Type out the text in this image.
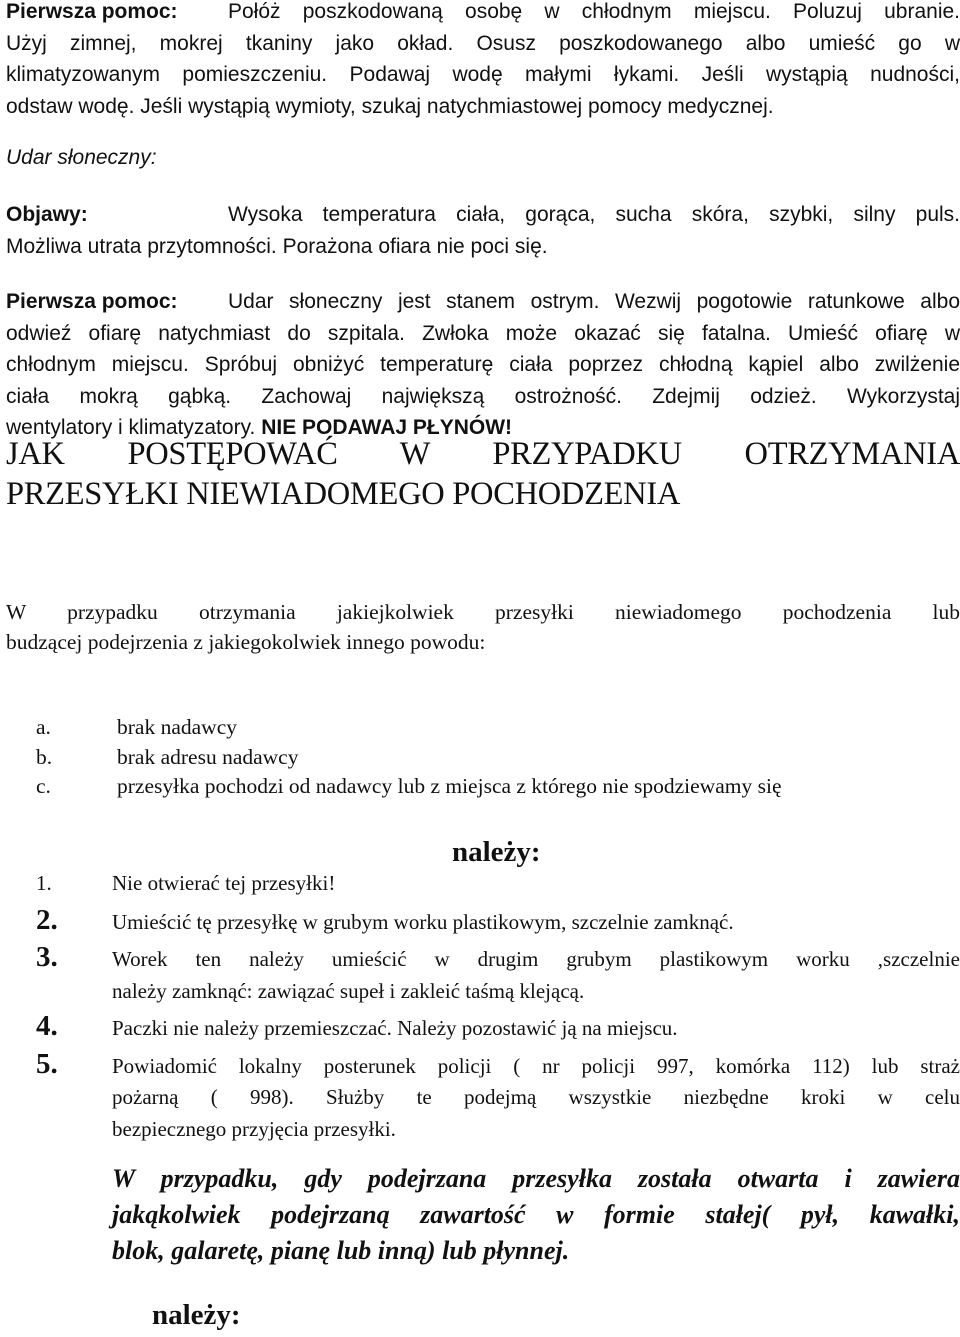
Pierwsza pomoc:	Połóż poszkodowaną osobę w chłodnym miejscu. Poluzuj ubranie.
Użyj zimnej, mokrej tkaniny jako okład. Osusz poszkodowanego albo umieść go w
klimatyzowanym pomieszczeniu. Podawaj wodę małymi łykami. Jeśli wystąpią nudności,
odstaw wodę. Jeśli wystąpią wymioty, szukaj natychmiastowej pomocy medycznej.
Udar słoneczny:
Objawy:	Wysoka temperatura ciała, gorąca, sucha skóra, szybki, silny puls.
Możliwa utrata przytomności. Porażona ofiara nie poci się.
Pierwsza pomoc:	Udar słoneczny jest stanem ostrym. Wezwij pogotowie ratunkowe albo
odwieź ofiarę natychmiast do szpitala. Zwłoka może okazać się fatalna. Umieść ofiarę w
chłodnym miejscu. Spróbuj obniżyć temperaturę ciała poprzez chłodną kąpiel albo zwilżenie
ciała mokrą gąbką. Zachowaj największą ostrożność. Zdejmij odzież. Wykorzystaj
wentylatory i klimatyzatory. NIE PODAWAJ PŁYNÓW!
JAK POSTĘPOWAĆ W PRZYPADKU OTRZYMANIA
PRZESYŁKI NIEWIADOMEGO POCHODZENIA
W przypadku otrzymania jakiejkolwiek przesyłki niewiadomego pochodzenia lub
budzącej podejrzenia z jakiegokolwiek innego powodu:
a.	brak nadawcy
b.	brak adresu nadawcy
c.	przesyłka pochodzi od nadawcy lub z miejsca z którego nie spodziewamy się
należy:
1.	Nie otwierać tej przesyłki!
2.	Umieścić tę przesyłkę w grubym worku plastikowym, szczelnie zamknąć.
3.	Worek ten należy umieścić w drugim grubym plastikowym worku ,szczelnie
należy zamknąć: zawiązać supeł i zakleić taśmą klejącą.
4.	Paczki nie należy przemieszczać. Należy pozostawić ją na miejscu.
5.	Powiadomić lokalny posterunek policji ( nr policji 997, komórka 112) lub straż
pożarną ( 998). Służby te podejmą wszystkie niezbędne kroki w celu
bezpiecznego przyjęcia przesyłki.
W przypadku, gdy podejrzana przesyłka została otwarta i zawiera
jakąkolwiek podejrzaną zawartość w formie stałej( pył, kawałki,
blok, galaretę, pianę lub inną) lub płynnej.
należy:
